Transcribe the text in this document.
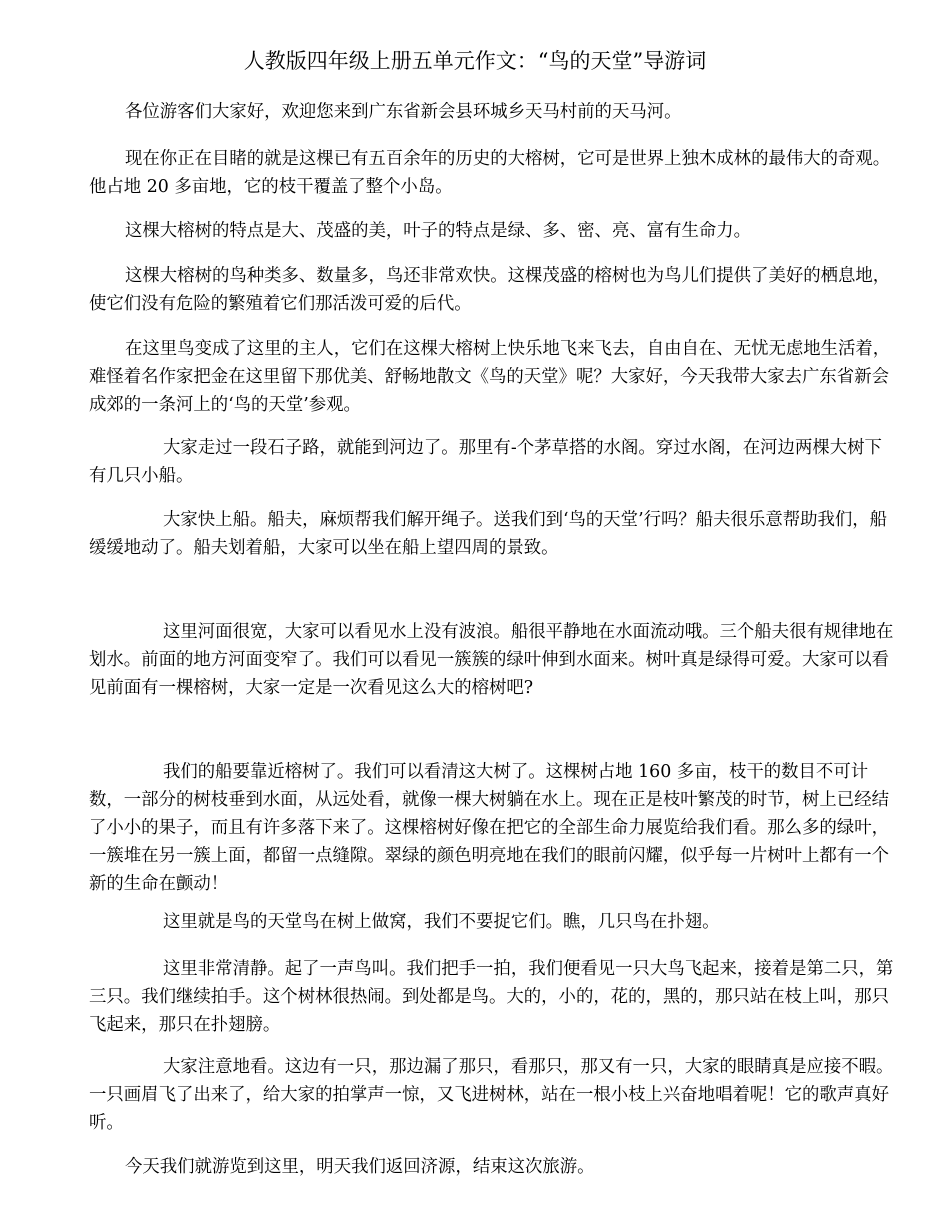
人教版四年级上册五单元作文：“鸟的天堂”导游词

各位游客们大家好，欢迎您来到广东省新会县环城乡天马村前的天马河。

现在你正在目睹的就是这棵已有五百余年的历史的大榕树，它可是世界上独木成林的最伟大的奇观。他占地 20 多亩地，它的枝干覆盖了整个小岛。

这棵大榕树的特点是大、茂盛的美，叶子的特点是绿、多、密、亮、富有生命力。

这棵大榕树的鸟种类多、数量多，鸟还非常欢快。这棵茂盛的榕树也为鸟儿们提供了美好的栖息地，使它们没有危险的繁殖着它们那活泼可爱的后代。

在这里鸟变成了这里的主人，它们在这棵大榕树上快乐地飞来飞去，自由自在、无忧无虑地生活着，难怪着名作家把金在这里留下那优美、舒畅地散文《鸟的天堂》呢？大家好，今天我带大家去广东省新会成郊的一条河上的‘鸟的天堂’参观。

大家走过一段石子路，就能到河边了。那里有-个茅草搭的水阁。穿过水阁，在河边两棵大树下有几只小船。

大家快上船。船夫，麻烦帮我们解开绳子。送我们到‘鸟的天堂’行吗？船夫很乐意帮助我们，船缓缓地动了。船夫划着船，大家可以坐在船上望四周的景致。

这里河面很宽，大家可以看见水上没有波浪。船很平静地在水面流动哦。三个船夫很有规律地在划水。前面的地方河面变窄了。我们可以看见一簇簇的绿叶伸到水面来。树叶真是绿得可爱。大家可以看见前面有一棵榕树，大家一定是一次看见这么大的榕树吧?

我们的船要靠近榕树了。我们可以看清这大树了。这棵树占地 160 多亩，枝干的数目不可计数，一部分的树枝垂到水面，从远处看，就像一棵大树躺在水上。现在正是枝叶繁茂的时节，树上已经结了小小的果子，而且有许多落下来了。这棵榕树好像在把它的全部生命力展览给我们看。那么多的绿叶，一簇堆在另一簇上面，都留一点缝隙。翠绿的颜色明亮地在我们的眼前闪耀，似乎每一片树叶上都有一个新的生命在颤动！

这里就是鸟的天堂鸟在树上做窝，我们不要捉它们。瞧，几只鸟在扑翅。

这里非常清静。起了一声鸟叫。我们把手一拍，我们便看见一只大鸟飞起来，接着是第二只，第三只。我们继续拍手。这个树林很热闹。到处都是鸟。大的，小的，花的，黑的，那只站在枝上叫，那只飞起来，那只在扑翅膀。

大家注意地看。这边有一只，那边漏了那只，看那只，那又有一只，大家的眼睛真是应接不暇。一只画眉飞了出来了，给大家的拍掌声一惊，又飞进树林，站在一根小枝上兴奋地唱着呢！它的歌声真好听。

今天我们就游览到这里，明天我们返回济源，结束这次旅游。
